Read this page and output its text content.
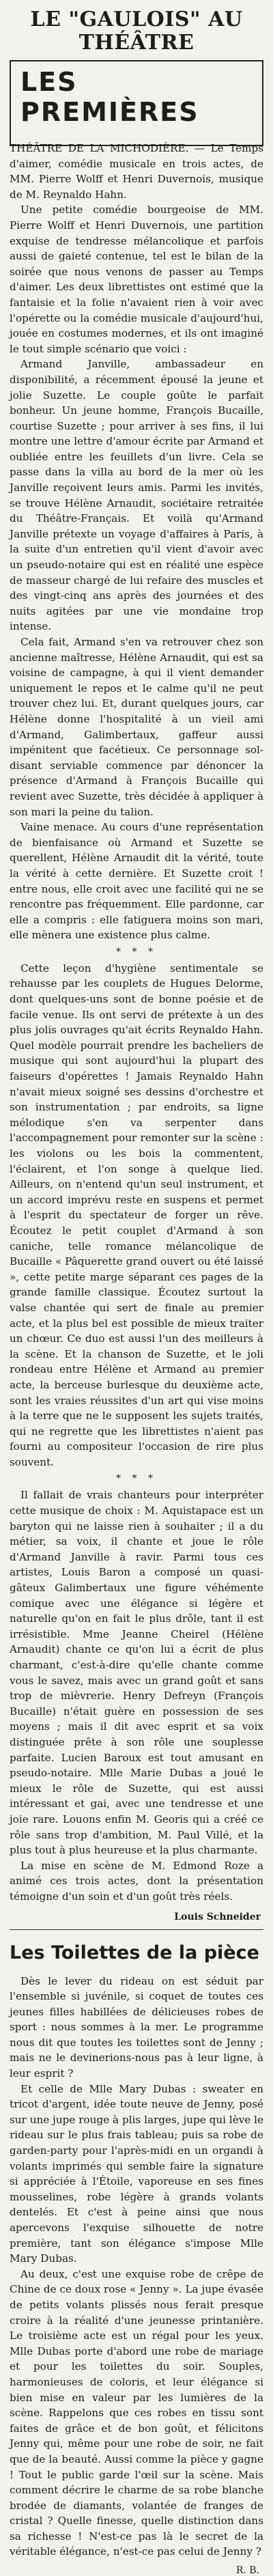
LE "GAULOIS" AU THÉÂTRE
LES PREMIÈRES

THÉÂTRE DE LA MICHODIÈRE. — Le Temps d'aimer, comédie musicale en trois actes, de MM. Pierre Wolff et Henri Duvernois, musique de M. Reynaldo Hahn.

Une petite comédie bourgeoise de MM. Pierre Wolff et Henri Duvernois, une partition exquise de tendresse mélancolique et parfois aussi de gaieté contenue, tel est le bilan de la soirée que nous venons de passer au Temps d'aimer. Les deux librettistes ont estimé que la fantaisie et la folie n'avaient rien à voir avec l'opérette ou la comédie musicale d'aujourd'hui, jouée en costumes modernes, et ils ont imaginé le tout simple scénario que voici :

Armand Janville, ambassadeur en disponibilité, a récemment épousé la jeune et jolie Suzette. Le couple goûte le parfait bonheur. Un jeune homme, François Bucaille, courtise Suzette ; pour arriver à ses fins, il lui montre une lettre d'amour écrite par Armand et oubliée entre les feuillets d'un livre. Cela se passe dans la villa au bord de la mer où les Janville reçoivent leurs amis. Parmi les invités, se trouve Hélène Arnaudit, sociétaire retraitée du Théâtre-Français. Et voilà qu'Armand Janville prétexte un voyage d'affaires à Paris, à la suite d'un entretien qu'il vient d'avoir avec un pseudo-notaire qui est en réalité une espèce de masseur chargé de lui refaire des muscles et des vingt-cinq ans après des journées et des nuits agitées par une vie mondaine trop intense.

Cela fait, Armand s'en va retrouver chez son ancienne maîtresse, Hélène Arnaudit, qui est sa voisine de campagne, à qui il vient demander uniquement le repos et le calme qu'il ne peut trouver chez lui. Et, durant quelques jours, car Hélène donne l'hospitalité à un vieil ami d'Armand, Galimbertaux, gaffeur aussi impénitent que facétieux. Ce personnage sol-disant serviable commence par dénoncer la présence d'Armand à François Bucaille qui revient avec Suzette, très décidée à appliquer à son mari la peine du talion.

Vaine menace. Au cours d'une représentation de bienfaisance où Armand et Suzette se querellent, Hélène Arnaudit dit la vérité, toute la vérité à cette dernière. Et Suzette croit ! entre nous, elle croit avec une facilité qui ne se rencontre pas fréquemment. Elle pardonne, car elle a compris : elle fatiguera moins son mari, elle mènera une existence plus calme.

* * *

Cette leçon d'hygiène sentimentale se rehausse par les couplets de Hugues Delorme, dont quelques-uns sont de bonne poésie et de facile venue. Ils ont servi de prétexte à un des plus jolis ouvrages qu'ait écrits Reynaldo Hahn. Quel modèle pourrait prendre les bacheliers de musique qui sont aujourd'hui la plupart des faiseurs d'opérettes ! Jamais Reynaldo Hahn n'avait mieux soigné ses dessins d'orchestre et son instrumentation ; par endroits, sa ligne mélodique s'en va serpenter dans l'accompagnement pour remonter sur la scène : les violons ou les bois la commentent, l'éclairent, et l'on songe à quelque lied. Ailleurs, on n'entend qu'un seul instrument, et un accord imprévu reste en suspens et permet à l'esprit du spectateur de forger un rêve. Écoutez le petit couplet d'Armand à son caniche, telle romance mélancolique de Bucaille « Pâquerette grand ouvert ou été laissé », cette petite marge séparant ces pages de la grande famille classique. Écoutez surtout la valse chantée qui sert de finale au premier acte, et la plus bel est possible de mieux traiter un chœur. Ce duo est aussi l'un des meilleurs à la scène. Et la chanson de Suzette, et le joli rondeau entre Hélène et Armand au premier acte, la berceuse burlesque du deuxième acte, sont les vraies réussites d'un art qui vise moins à la terre que ne le supposent les sujets traités, qui ne regrette que les librettistes n'aient pas fourni au compositeur l'occasion de rire plus souvent.

* * *

Il fallait de vrais chanteurs pour interpréter cette musique de choix : M. Aquistapace est un baryton qui ne laisse rien à souhaiter ; il a du métier, sa voix, il chante et joue le rôle d'Armand Janville à ravir. Parmi tous ces artistes, Louis Baron a composé un quasi-gâteux Galimbertaux une figure véhémente comique avec une élégance si légère et naturelle qu'on en fait le plus drôle, tant il est irrésistible. Mme Jeanne Cheirel (Hélène Arnaudit) chante ce qu'on lui a écrit de plus charmant, c'est-à-dire qu'elle chante comme vous le savez, mais avec un grand goût et sans trop de mièvrerie. Henry Defreyn (François Bucaille) n'était guère en possession de ses moyens ; mais il dit avec esprit et sa voix distinguée prête à son rôle une souplesse parfaite. Lucien Baroux est tout amusant en pseudo-notaire. Mlle Marie Dubas a joué le mieux le rôle de Suzette, qui est aussi intéressant et gai, avec une tendresse et une joie rare. Louons enfin M. Georis qui a créé ce rôle sans trop d'ambition, M. Paul Villé, et la plus tout à plus heureuse et la plus charmante.

La mise en scène de M. Edmond Roze a animé ces trois actes, dont la présentation témoigne d'un soin et d'un goût très réels.

Louis Schneider
Les Toilettes de la pièce

Dès le lever du rideau on est séduit par l'ensemble si juvénile, si coquet de toutes ces jeunes filles habillées de délicieuses robes de sport : nous sommes à la mer. Le programme nous dit que toutes les toilettes sont de Jenny ; mais ne le devinerions-nous pas à leur ligne, à leur esprit ?

Et celle de Mlle Mary Dubas : sweater en tricot d'argent, idée toute neuve de Jenny, posé sur une jupe rouge à plis larges, jupe qui lève le rideau sur le plus frais tableau; puis sa robe de garden-party pour l'après-midi en un organdi à volants imprimés qui semble faire la signature si appréciée à l'Étoile, vaporeuse en ses fines mousselines, robe légère à grands volants dentelés. Et c'est à peine ainsi que nous apercevons l'exquise silhouette de notre première, tant son élégance s'impose Mlle Mary Dubas.

Au deux, c'est une exquise robe de crêpe de Chine de ce doux rose « Jenny ». La jupe évasée de petits volants plissés nous ferait presque croire à la réalité d'une jeunesse printanière. Le troisième acte est un régal pour les yeux. Mlle Dubas porte d'abord une robe de mariage et pour les toilettes du soir. Souples, harmonieuses de coloris, et leur élégance si bien mise en valeur par les lumières de la scène. Rappelons que ces robes en tissu sont faites de grâce et de bon goût, et félicitons Jenny qui, même pour une robe de soir, ne fait que de la beauté. Aussi comme la pièce y gagne ! Tout le public garde l'œil sur la scène. Mais comment décrire le charme de sa robe blanche brodée de diamants, volantée de franges de cristal ? Quelle finesse, quelle distinction dans sa richesse ! N'est-ce pas là le secret de la véritable élégance, n'est-ce pas celui de Jenny ?

R. B.
